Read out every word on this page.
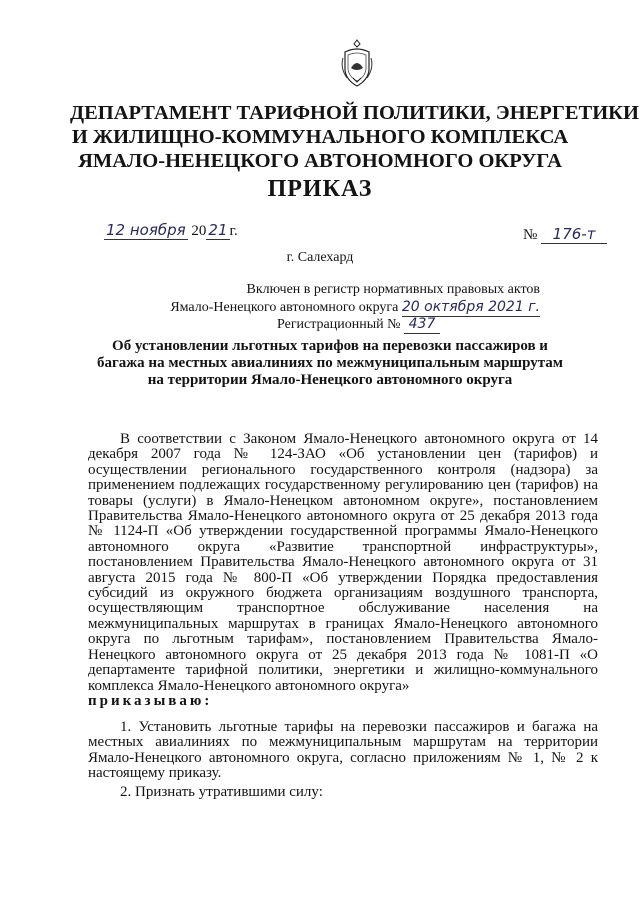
ДЕПАРТАМЕНТ ТАРИФНОЙ ПОЛИТИКИ, ЭНЕРГЕТИКИ
И ЖИЛИЩНО-КОММУНАЛЬНОГО КОМПЛЕКСА
ЯМАЛО-НЕНЕЦКОГО АВТОНОМНОГО ОКРУГА
ПРИКАЗ
12 ноября 20 21 г.	№ 176-т
г. Салехард
Включен в регистр нормативных правовых актов
Ямало-Ненецкого автономного округа 20 октября 2021 г.
Регистрационный № 437
Об установлении льготных тарифов на перевозки пассажиров и багажа на местных авиалиниях по межмуниципальным маршрутам на территории Ямало-Ненецкого автономного округа

В соответствии с Законом Ямало-Ненецкого автономного округа от 14 декабря 2007 года № 124-ЗАО «Об установлении цен (тарифов) и осуществлении регионального государственного контроля (надзора) за применением подлежащих государственному регулированию цен (тарифов) на товары (услуги) в Ямало-Ненецком автономном округе», постановлением Правительства Ямало-Ненецкого автономного округа от 25 декабря 2013 года № 1124-П «Об утверждении государственной программы Ямало-Ненецкого автономного округа «Развитие транспортной инфраструктуры», постановлением Правительства Ямало-Ненецкого автономного округа от 31 августа 2015 года № 800-П «Об утверждении Порядка предоставления субсидий из окружного бюджета организациям воздушного транспорта, осуществляющим транспортное обслуживание населения на межмуниципальных маршрутах в границах Ямало-Ненецкого автономного округа по льготным тарифам», постановлением Правительства Ямало-Ненецкого автономного округа от 25 декабря 2013 года № 1081-П «О департаменте тарифной политики, энергетики и жилищно-коммунального комплекса Ямало-Ненецкого автономного округа»

приказываю:

1. Установить льготные тарифы на перевозки пассажиров и багажа на местных авиалиниях по межмуниципальным маршрутам на территории Ямало-Ненецкого автономного округа, согласно приложениям № 1, № 2 к настоящему приказу.

2. Признать утратившими силу:
